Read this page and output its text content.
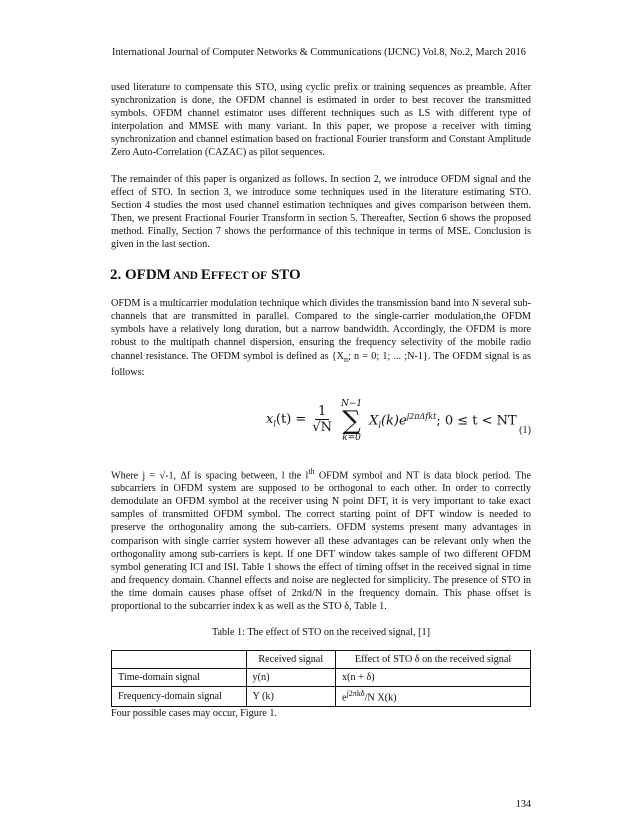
International Journal of Computer Networks & Communications (IJCNC) Vol.8, No.2, March 2016

used literature to compensate this STO, using cyclic prefix or training sequences as preamble. After synchronization is done, the OFDM channel is estimated in order to best recover the transmitted symbols. OFDM channel estimator uses different techniques such as LS with different type of interpolation and MMSE with many variant. In this paper, we propose a receiver with timing synchronization and channel estimation based on fractional Fourier transform and Constant Amplitude Zero Auto-Correlation (CAZAC) as pilot sequences.

The remainder of this paper is organized as follows. In section 2, we introduce OFDM signal and the effect of STO. In section 3, we introduce some techniques used in the literature estimating STO. Section 4 studies the most used channel estimation techniques and gives comparison between them. Then, we present Fractional Fourier Transform in section 5. Thereafter, Section 6 shows the proposed method. Finally, Section 7 shows the performance of this technique in terms of MSE. Conclusion is given in the last section.

2. OFDM AND EFFECT OF STO

OFDM is a multicarrier modulation technique which divides the transmission band into N several sub-channels that are transmitted in parallel. Compared to the single-carrier modulation,the OFDM symbols have a relatively long duration, but a narrow bandwidth. Accordingly, the OFDM is more robust to the multipath channel dispersion, ensuring the frequency selectivity of the mobile radio channel resistance. The OFDM symbol is defined as {$X_n$; n = 0; 1; ... ;N-1}. The OFDM signal is as follows:

$x_l(t) = \frac{1}{√N}$
N−1
∑
k=0
$X_l(k)e^{j2\pi\Delta fkt}$; 0 ≤ t < NT
(1)

Where j = √-1, Δf is spacing between, l the $l^{th}$ OFDM symbol and NT is data block period. The subcarriers in OFDM system are supposed to be orthogonal to each other. In order to correctly demodulate an OFDM symbol at the receiver using N point DFT, it is very important to take exact samples of transmitted OFDM symbol. The correct starting point of DFT window is needed to preserve the orthogonality among the sub-carriers. OFDM systems present many advantages in comparison with single carrier system however all these advantages can be relevant only when the orthogonality among sub-carriers is kept. If one DFT window takes sample of two different OFDM symbol generating ICI and ISI. Table 1 shows the effect of timing offset in the received signal in time and frequency domain. Channel effects and noise are neglected for simplicity. The presence of STO in the time domain causes phase offset of 2πkd/N in the frequency domain. This phase offset is proportional to the subcarrier index k as well as the STO δ, Table 1.

Table 1: The effect of STO on the received signal, [1]
	Received signal	Effect of STO δ on the received signal
Time-domain signal	y(n)	x(n + δ)
Frequency-domain signal	Y (k)	$e^{j2\pi k\delta}/N$ X(k)

Four possible cases may occur, Figure 1.

134
